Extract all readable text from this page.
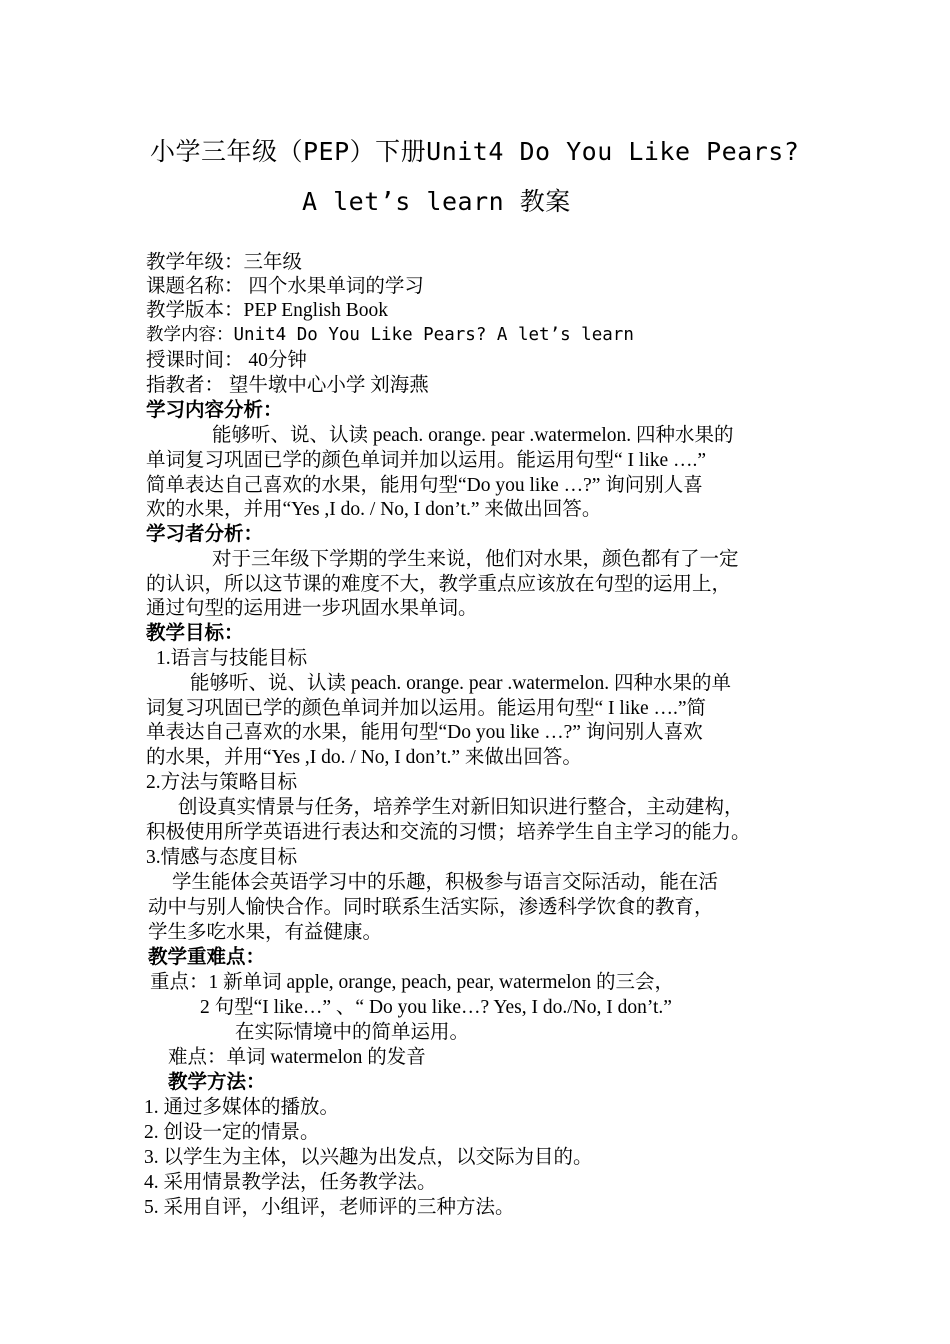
小学三年级（PEP）下册Unit4 Do You Like Pears?
A let’s learn 教案
教学年级：三年级
课题名称： 四个水果单词的学习
教学版本：PEP English Book
教学内容：Unit4 Do You Like Pears? A let’s learn
授课时间： 40分钟
指教者： 望牛墩中心小学 刘海燕
学习内容分析：
能够听、说、认读 peach. orange. pear .watermelon. 四种水果的
单词复习巩固已学的颜色单词并加以运用。能运用句型“ I like ….”
简单表达自己喜欢的水果，能用句型“Do you like …?” 询问别人喜
欢的水果，并用“Yes ,I do. / No, I don’t.” 来做出回答。
学习者分析：
对于三年级下学期的学生来说，他们对水果，颜色都有了一定
的认识，所以这节课的难度不大，教学重点应该放在句型的运用上，
通过句型的运用进一步巩固水果单词。
教学目标：
1.语言与技能目标
能够听、说、认读 peach. orange. pear .watermelon. 四种水果的单
词复习巩固已学的颜色单词并加以运用。能运用句型“ I like ….”简
单表达自己喜欢的水果，能用句型“Do you like …?” 询问别人喜欢
的水果，并用“Yes ,I do. / No, I don’t.” 来做出回答。
2.方法与策略目标
创设真实情景与任务，培养学生对新旧知识进行整合，主动建构，
积极使用所学英语进行表达和交流的习惯；培养学生自主学习的能力。
3.情感与态度目标
学生能体会英语学习中的乐趣，积极参与语言交际活动，能在活
动中与别人愉快合作。同时联系生活实际，渗透科学饮食的教育，
学生多吃水果，有益健康。
教学重难点：
重点：1 新单词 apple, orange, peach, pear, watermelon 的三会，
2 句型“I like…” 、“ Do you like…? Yes, I do./No, I don’t.”
在实际情境中的简单运用。
难点：单词 watermelon 的发音
教学方法：
1. 通过多媒体的播放。
2. 创设一定的情景。
3. 以学生为主体，以兴趣为出发点，以交际为目的。
4. 采用情景教学法，任务教学法。
5. 采用自评，小组评，老师评的三种方法。
